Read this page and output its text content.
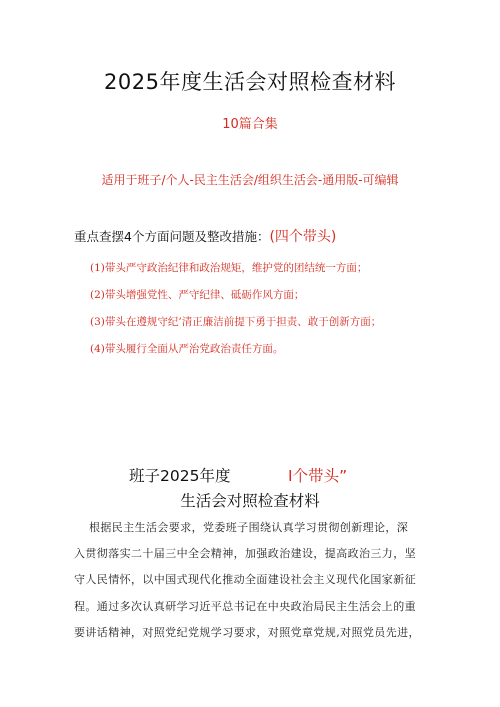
2025年度生活会对照检查材料
10篇合集
适用于班子/个人-民主生活会/组织生活会-通用版-可编辑
重点查摆4个方面问题及整改措施：(四个带头)
(1)带头严守政治纪律和政治规矩，维护党的团结统一方面；
(2)带头增强党性、严守纪律、砥砺作风方面；
(3)带头在遵规守纪’清正廉洁前提下勇于担责、敢于创新方面；
(4)带头履行全面从严治党政治责任方面。
班子2025年度	I个带头”
生活会对照检查材料
根据民主生活会要求，党委班子围绕认真学习贯彻创新理论，深
入贯彻落实二十届三中全会精神，加强政治建设，提高政治三力，坚
守人民情怀，以中国式现代化推动全面建设社会主义现代化国家新征
程。通过多次认真研学习近平总书记在中央政治局民主生活会上的重
要讲话精神，对照党纪党规学习要求，对照党章党规,对照党员先进，
